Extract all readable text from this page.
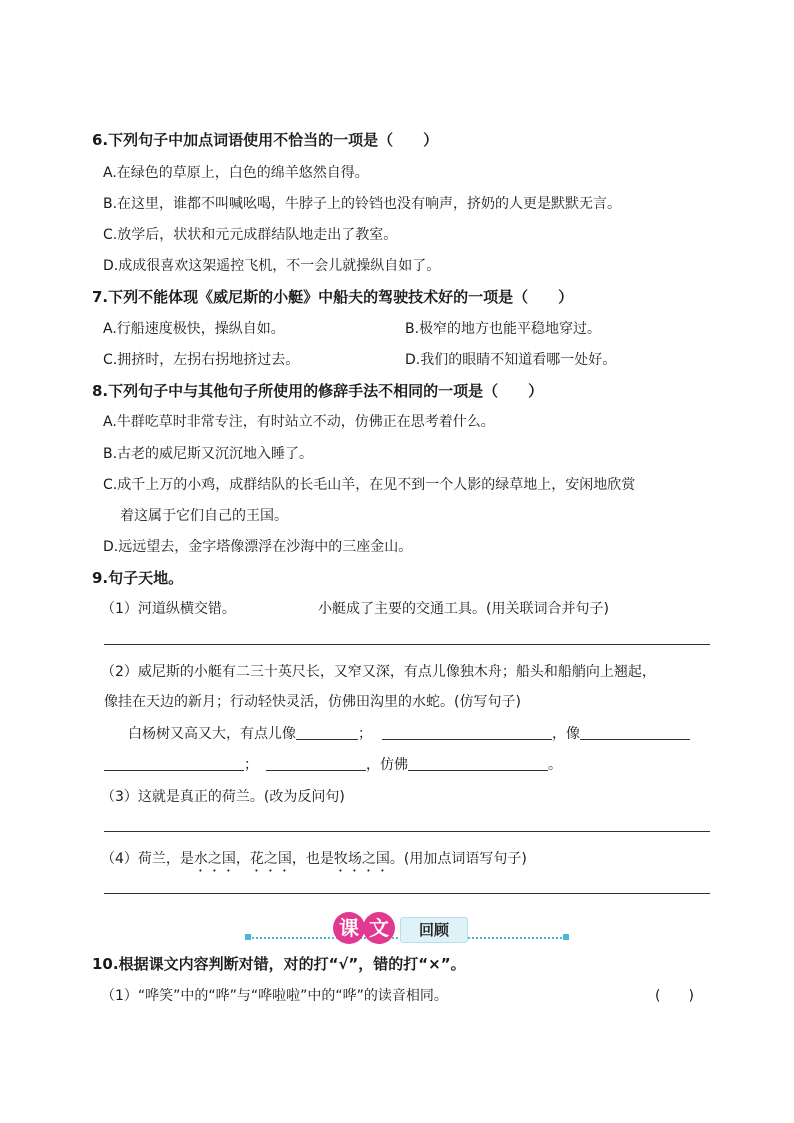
6.下列句子中加点词语使用不恰当的一项是（　　）
A.在绿色的草原上，白色的绵羊悠然自得。
B.在这里，谁都不叫喊吆喝，牛脖子上的铃铛也没有响声，挤奶的人更是默默无言。
C.放学后，状状和元元成群结队地走出了教室。
D.成成很喜欢这架遥控飞机，不一会儿就操纵自如了。
7.下列不能体现《威尼斯的小艇》中船夫的驾驶技术好的一项是（　　）
A.行船速度极快，操纵自如。	B.极窄的地方也能平稳地穿过。
C.拥挤时，左拐右拐地挤过去。	D.我们的眼睛不知道看哪一处好。
8.下列句子中与其他句子所使用的修辞手法不相同的一项是（　　）
A.牛群吃草时非常专注，有时站立不动，仿佛正在思考着什么。
B.古老的威尼斯又沉沉地入睡了。
C.成千上万的小鸡，成群结队的长毛山羊，在见不到一个人影的绿草地上，安闲地欣赏
着这属于它们自己的王国。
D.远远望去，金字塔像漂浮在沙海中的三座金山。
9.句子天地。
（1）河道纵横交错。	小艇成了主要的交通工具。(用关联词合并句子)
（2）威尼斯的小艇有二三十英尺长，又窄又深，有点儿像独木舟；船头和船艄向上翘起，
像挂在天边的新月；行动轻快灵活，仿佛田沟里的水蛇。(仿写句子)
白杨树又高又大，有点儿像	；	，像
；	，仿佛	。
（3）这就是真正的荷兰。(改为反问句)
（4）荷兰，是水之国，花之国，也是牧场之国。(用加点词语写句子)
课 文	回顾
10.根据课文内容判断对错，对的打“√”，错的打“×”。
（1）“哗笑”中的“哗”与“哗啦啦”中的“哗”的读音相同。	(　　)
